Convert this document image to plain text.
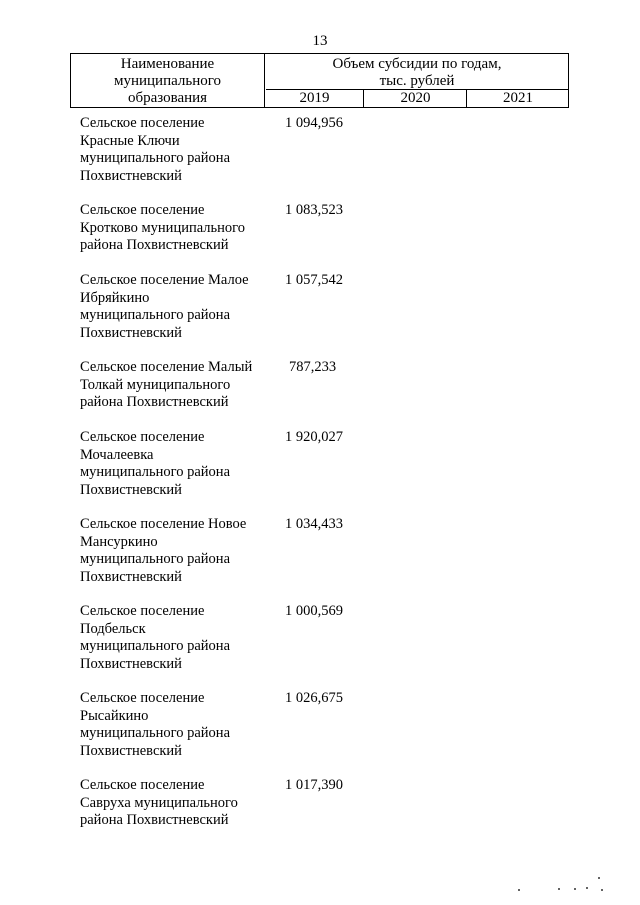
13
Наименование
муниципального
образования
Объем субсидии по годам,
тыс. рублей
2019	2020	2021
Сельское поселение
Красные Ключи
муниципального района
Похвистневский
1 094,956
Сельское поселение
Кротково муниципального
района Похвистневский
1 083,523
Сельское поселение Малое
Ибряйкино
муниципального района
Похвистневский
1 057,542
Сельское поселение Малый
Толкай муниципального
района Похвистневский
787,233
Сельское поселение
Мочалеевка
муниципального района
Похвистневский
1 920,027
Сельское поселение Новое
Мансуркино
муниципального района
Похвистневский
1 034,433
Сельское поселение
Подбельск
муниципального района
Похвистневский
1 000,569
Сельское поселение
Рысайкино
муниципального района
Похвистневский
1 026,675
Сельское поселение
Савруха муниципального
района Похвистневский
1 017,390
